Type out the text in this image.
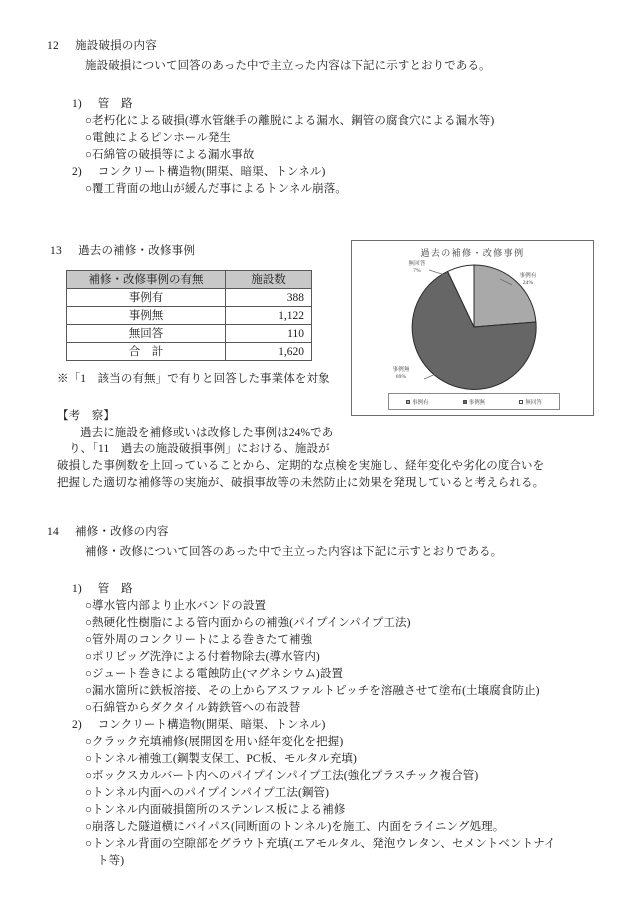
12 施設破損の内容
施設破損について回答のあった中で主立った内容は下記に示すとおりである。
1) 管　路
○老朽化による破損(導水管継手の離脱による漏水、鋼管の腐食穴による漏水等)
○電蝕によるピンホール発生
○石綿管の破損等による漏水事故
2) コンクリート構造物(開渠、暗渠、トンネル)
○覆工背面の地山が緩んだ事によるトンネル崩落。
13 過去の補修・改修事例
補修・改修事例の有無	施設数
事例有	388
事例無	1,122
無回答	110
合　計	1,620
過去の補修・改修事例
無回答
7%
事例有
24%
事例無
69%
事例有	事例無	無回答
※「1　該当の有無」で有りと回答した事業体を対象
【考　察】
過去に施設を補修或いは改修した事例は24%であ
り、「11　過去の施設破損事例」における、施設が
破損した事例数を上回っていることから、定期的な点検を実施し、経年変化や劣化の度合いを
把握した適切な補修等の実施が、破損事故等の未然防止に効果を発現していると考えられる。
14 補修・改修の内容
補修・改修について回答のあった中で主立った内容は下記に示すとおりである。
1) 管　路
○導水管内部より止水バンドの設置
○熱硬化性樹脂による管内面からの補強(パイプインパイプ工法)
○管外周のコンクリートによる巻きたて補強
○ポリピッグ洗浄による付着物除去(導水管内)
○ジュート巻きによる電蝕防止(マグネシウム)設置
○漏水箇所に鉄板溶接、その上からアスファルトピッチを溶融させて塗布(土壌腐食防止)
○石綿管からダクタイル鋳鉄管への布設替
2) コンクリート構造物(開渠、暗渠、トンネル)
○クラック充填補修(展開図を用い経年変化を把握)
○トンネル補強工(鋼製支保工、PC板、モルタル充填)
○ボックスカルバート内へのパイプインパイプ工法(強化プラスチック複合管)
○トンネル内面へのパイプインパイプ工法(鋼管)
○トンネル内面破損箇所のステンレス板による補修
○崩落した隧道横にバイパス(同断面のトンネル)を施工、内面をライニング処理。
○トンネル背面の空隙部をグラウト充填(エアモルタル、発泡ウレタン、セメントベントナイ
ト等)
